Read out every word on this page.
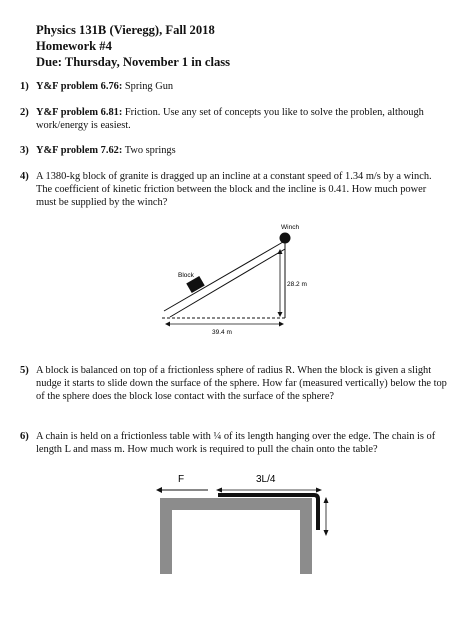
Physics 131B (Vieregg), Fall 2018
Homework #4
Due: Thursday, November 1 in class
1) Y&F problem 6.76: Spring Gun
2) Y&F problem 6.81: Friction. Use any set of concepts you like to solve the problen, although work/energy is easiest.
3) Y&F problem 7.62: Two springs
4) A 1380-kg block of granite is dragged up an incline at a constant speed of 1.34 m/s by a winch. The coefficient of kinetic friction between the block and the incline is 0.41. How much power must be supplied by the winch?
Winch
Block
28.2 m
39.4 m
5) A block is balanced on top of a frictionless sphere of radius R. When the block is given a slight nudge it starts to slide down the surface of the sphere. How far (measured vertically) below the top of the sphere does the block lose contact with the surface of the sphere?
6) A chain is held on a frictionless table with ¼ of its length hanging over the edge. The chain is of length L and mass m. How much work is required to pull the chain onto the table?
F	3L/4
